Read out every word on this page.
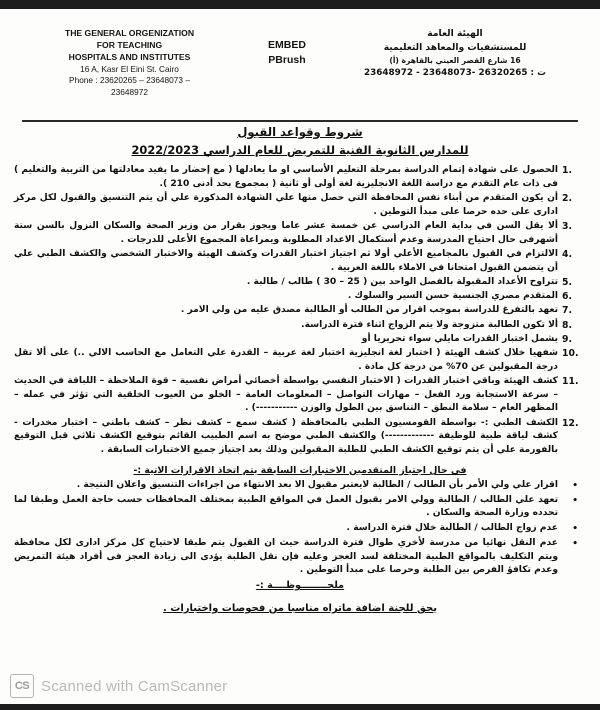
THE GENERAL ORGENIZATION
FOR TEACHING
HOSPITALS AND INSTITUTES
16 A, Kasr El Eini St. Cairo
Phone : 23620265 – 23648073 –
23648972
EMBED
PBrush
الهيئة العامة
للمستشفيات والمعاهد التعليمية
16 شارع القصر العيني بالقاهرة (أ)
ت : 26320265 -23648073 - 23648972
شروط وقواعد القبول
للمدارس الثانوية الفنية للتمريض للعام الدراسي 2022/2023
1.
الحصول على شهادة إتمام الدراسة بمرحلة التعليم الأساسي او ما يعادلها ( مع إحضار ما يفيد معادلتها من التربية والتعليم ) فى ذات عام التقدم مع دراسة اللغة الانجليزية لغة أولى أو ثانية ( بمجموع بحد أدنى 210 ).
2.
أن يكون المتقدم من أبناء نفس المحافظة التي حصل منها علي الشهادة المذكورة علي أن يتم التنسيق والقبول لكل مركز ادارى على حده حرصا على مبدأ التوطين .
3.
ألا يقل السن في بداية العام الدراسي عن خمسة عشر عاما ويجوز بقرار من وزير الصحة والسكان النزول بالسن ستة أشهرفى حال احتياج المدرسة وعدم أستكمال الاعداد المطلوبة ويمراعاة المجموع الأعلى للدرجات .
4.
الالتزام في القبول بالمجاميع الأعلي أولا ثم اجتياز اختبار القدرات وكشف الهيئة والاختبار الشخصي والكشف الطبي علي أن يتضمن القبول امتحانا في الاملاء باللغة العربية .
5.
تتراوح الأعداد المقبولة بالفصل الواحد بين ( 25 – 30 ) طالب / طالبة .
6.
المتقدم مصري الجنسية حسن السير والسلوك .
7.
تعهد بالتفرغ للدراسة بموجب اقرار من الطالب أو الطالبة مصدق عليه من ولي الامر .
8.
ألا تكون الطالبة متزوجة ولا يتم الزواج اثناء فترة الدراسة.
9.
يشمل اختبار القدرات مايلي سواء تحريريا أو
10.
شفهيا خلال كشف الهيئة ( اختبار لغة انجليزية اختبار لغة عربية – القدرة علي التعامل مع الحاسب الالي ..) على ألا تقل درجة المقبولين عن 70% من درجة كل مادة .
11.
كشف الهيئة وباقي اختبار القدرات ( الاختبار النفسي بواسطة أخصائي أمراض نفسية – قوة الملاحظة – اللباقة في الحديث – سرعة الاستجابة ورد الفعل – مهارات التواصل – المعلومات العامة – الخلو من العيوب الخلقية التي تؤثر في عمله – المظهر العام – سلامة النطق – التناسق بين الطول والوزن -----------) .
12.
الكشف الطبي :- بواسطة القومسيون الطبي بالمحافظة ( كشف سمع – كشف نظر – كشف باطني – اختبار مخدرات - كشف لياقة طبية للوظيفة -------------) والكشف الطبي موضح به اسم الطبيب القائم بتوقيع الكشف ثلاثي قبل التوقيع بالفورمة علي أن يتم توقيع الكشف الطبي للطلبة المقبولين وذلك بعد اجتياز جميع الاختبارات السابقة .
في حال اجتياز المتقدمين الاختبارات السابقة يتم اتخاذ الاقرارات الاتية :-
•
اقرار علي ولي الأمر بأن الطالب / الطالبة لايعتبر مقبول الا بعد الانتهاء من اجراءات التنسيق واعلان النتيجة .
•
تعهد علي الطالب / الطالبة وولي الامر بقبول العمل في المواقع الطبية بمختلف المحافظات حسب حاجة العمل وطبقا لما تحدده وزارة الصحة والسكان .
•
عدم زواج الطالب / الطالبة خلال فترة الدراسة .
•
عدم النقل نهائيا من مدرسة لأخري طوال فترة الدراسة حيث ان القبول يتم طبقا لاحتياج كل مركز ادارى لكل محافظة ويتم التكليف بالمواقع الطبية المختلفة لسد العجز وعليه فإن نقل الطلبة يؤدى الى زيادة العجز فى أفراد هيئة التمريض وعدم تكافؤ الفرص بين الطلبة وحرصا على مبدأ التوطين .
ملحــــــــوظــــة :-
يحق للجنة اضافة ماتراه مناسبا من فحوصات واختبارات .
CS Scanned with CamScanner
